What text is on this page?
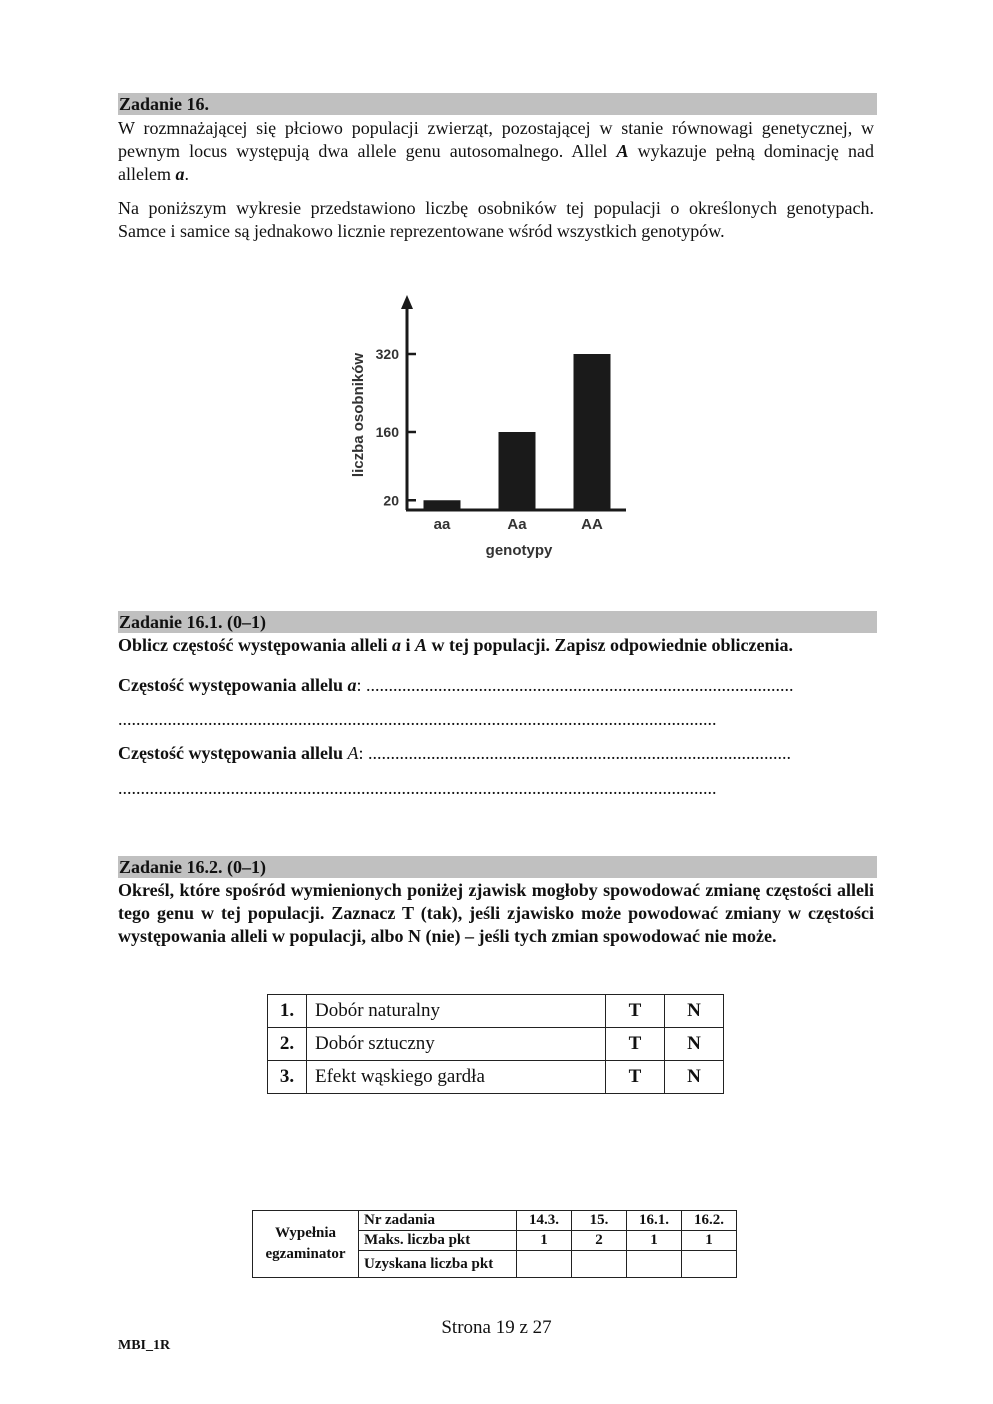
Zadanie 16.

W rozmnażającej się płciowo populacji zwierząt, pozostającej w stanie równowagi genetycznej, w pewnym locus występują dwa allele genu autosomalnego. Allel A wykazuje pełną dominację nad allelem a.

Na poniższym wykresie przedstawiono liczbę osobników tej populacji o określonych genotypach. Samce i samice są jednakowo licznie reprezentowane wśród wszystkich genotypów.

20
160
320
aa	Aa	AA
genotypy
liczba osobników
Zadanie 16.1. (0–1)
Oblicz częstość występowania alleli a i A w tej populacji. Zapisz odpowiednie obliczenia.
Częstość występowania allelu a: ...............................................................................................
.....................................................................................................................................
Częstość występowania allelu A: ..............................................................................................
.....................................................................................................................................
Zadanie 16.2. (0–1)

Określ, które spośród wymienionych poniżej zjawisk mogłoby spowodować zmianę częstości alleli tego genu w tej populacji. Zaznacz T (tak), jeśli zjawisko może powodować zmiany w częstości występowania alleli w populacji, albo N (nie) – jeśli tych zmian spowodować nie może.

1.	Dobór naturalny	T	N
2.	Dobór sztuczny	T	N
3.	Efekt wąskiego gardła	T	N
Wypełnia
egzaminator	Nr zadania	14.3.	15.	16.1.	16.2.
	Maks. liczba pkt	1	2	1	1
	Uzyskana liczba pkt				
Strona 19 z 27
MBI_1R
